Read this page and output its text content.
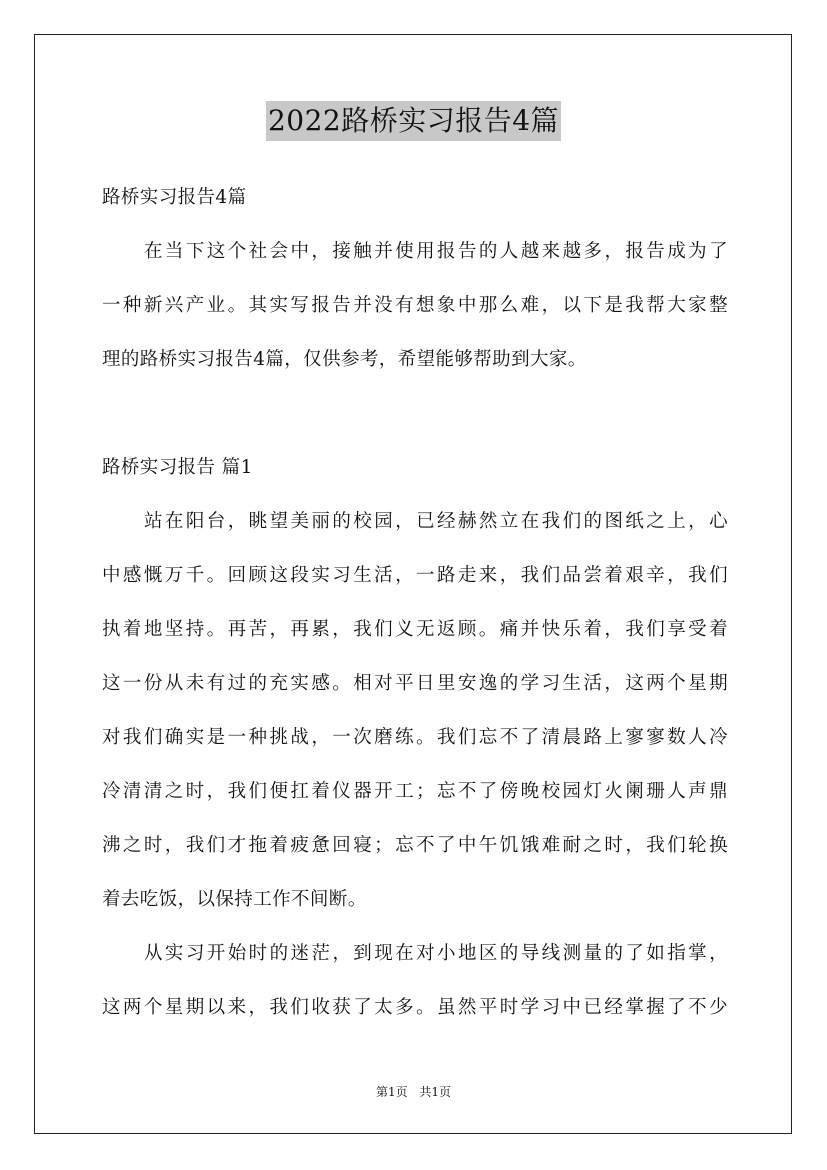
2022路桥实习报告4篇
路桥实习报告4篇
在当下这个社会中，接触并使用报告的人越来越多，报告成为了
一种新兴产业。其实写报告并没有想象中那么难，以下是我帮大家整
理的路桥实习报告4篇，仅供参考，希望能够帮助到大家。
路桥实习报告 篇1
站在阳台，眺望美丽的校园，已经赫然立在我们的图纸之上，心
中感慨万千。回顾这段实习生活，一路走来，我们品尝着艰辛，我们
执着地坚持。再苦，再累，我们义无返顾。痛并快乐着，我们享受着
这一份从未有过的充实感。相对平日里安逸的学习生活，这两个星期
对我们确实是一种挑战，一次磨练。我们忘不了清晨路上寥寥数人冷
冷清清之时，我们便扛着仪器开工；忘不了傍晚校园灯火阑珊人声鼎
沸之时，我们才拖着疲惫回寝；忘不了中午饥饿难耐之时，我们轮换
着去吃饭，以保持工作不间断。
从实习开始时的迷茫，到现在对小地区的导线测量的了如指掌，
这两个星期以来，我们收获了太多。虽然平时学习中已经掌握了不少
第1页 共1页
